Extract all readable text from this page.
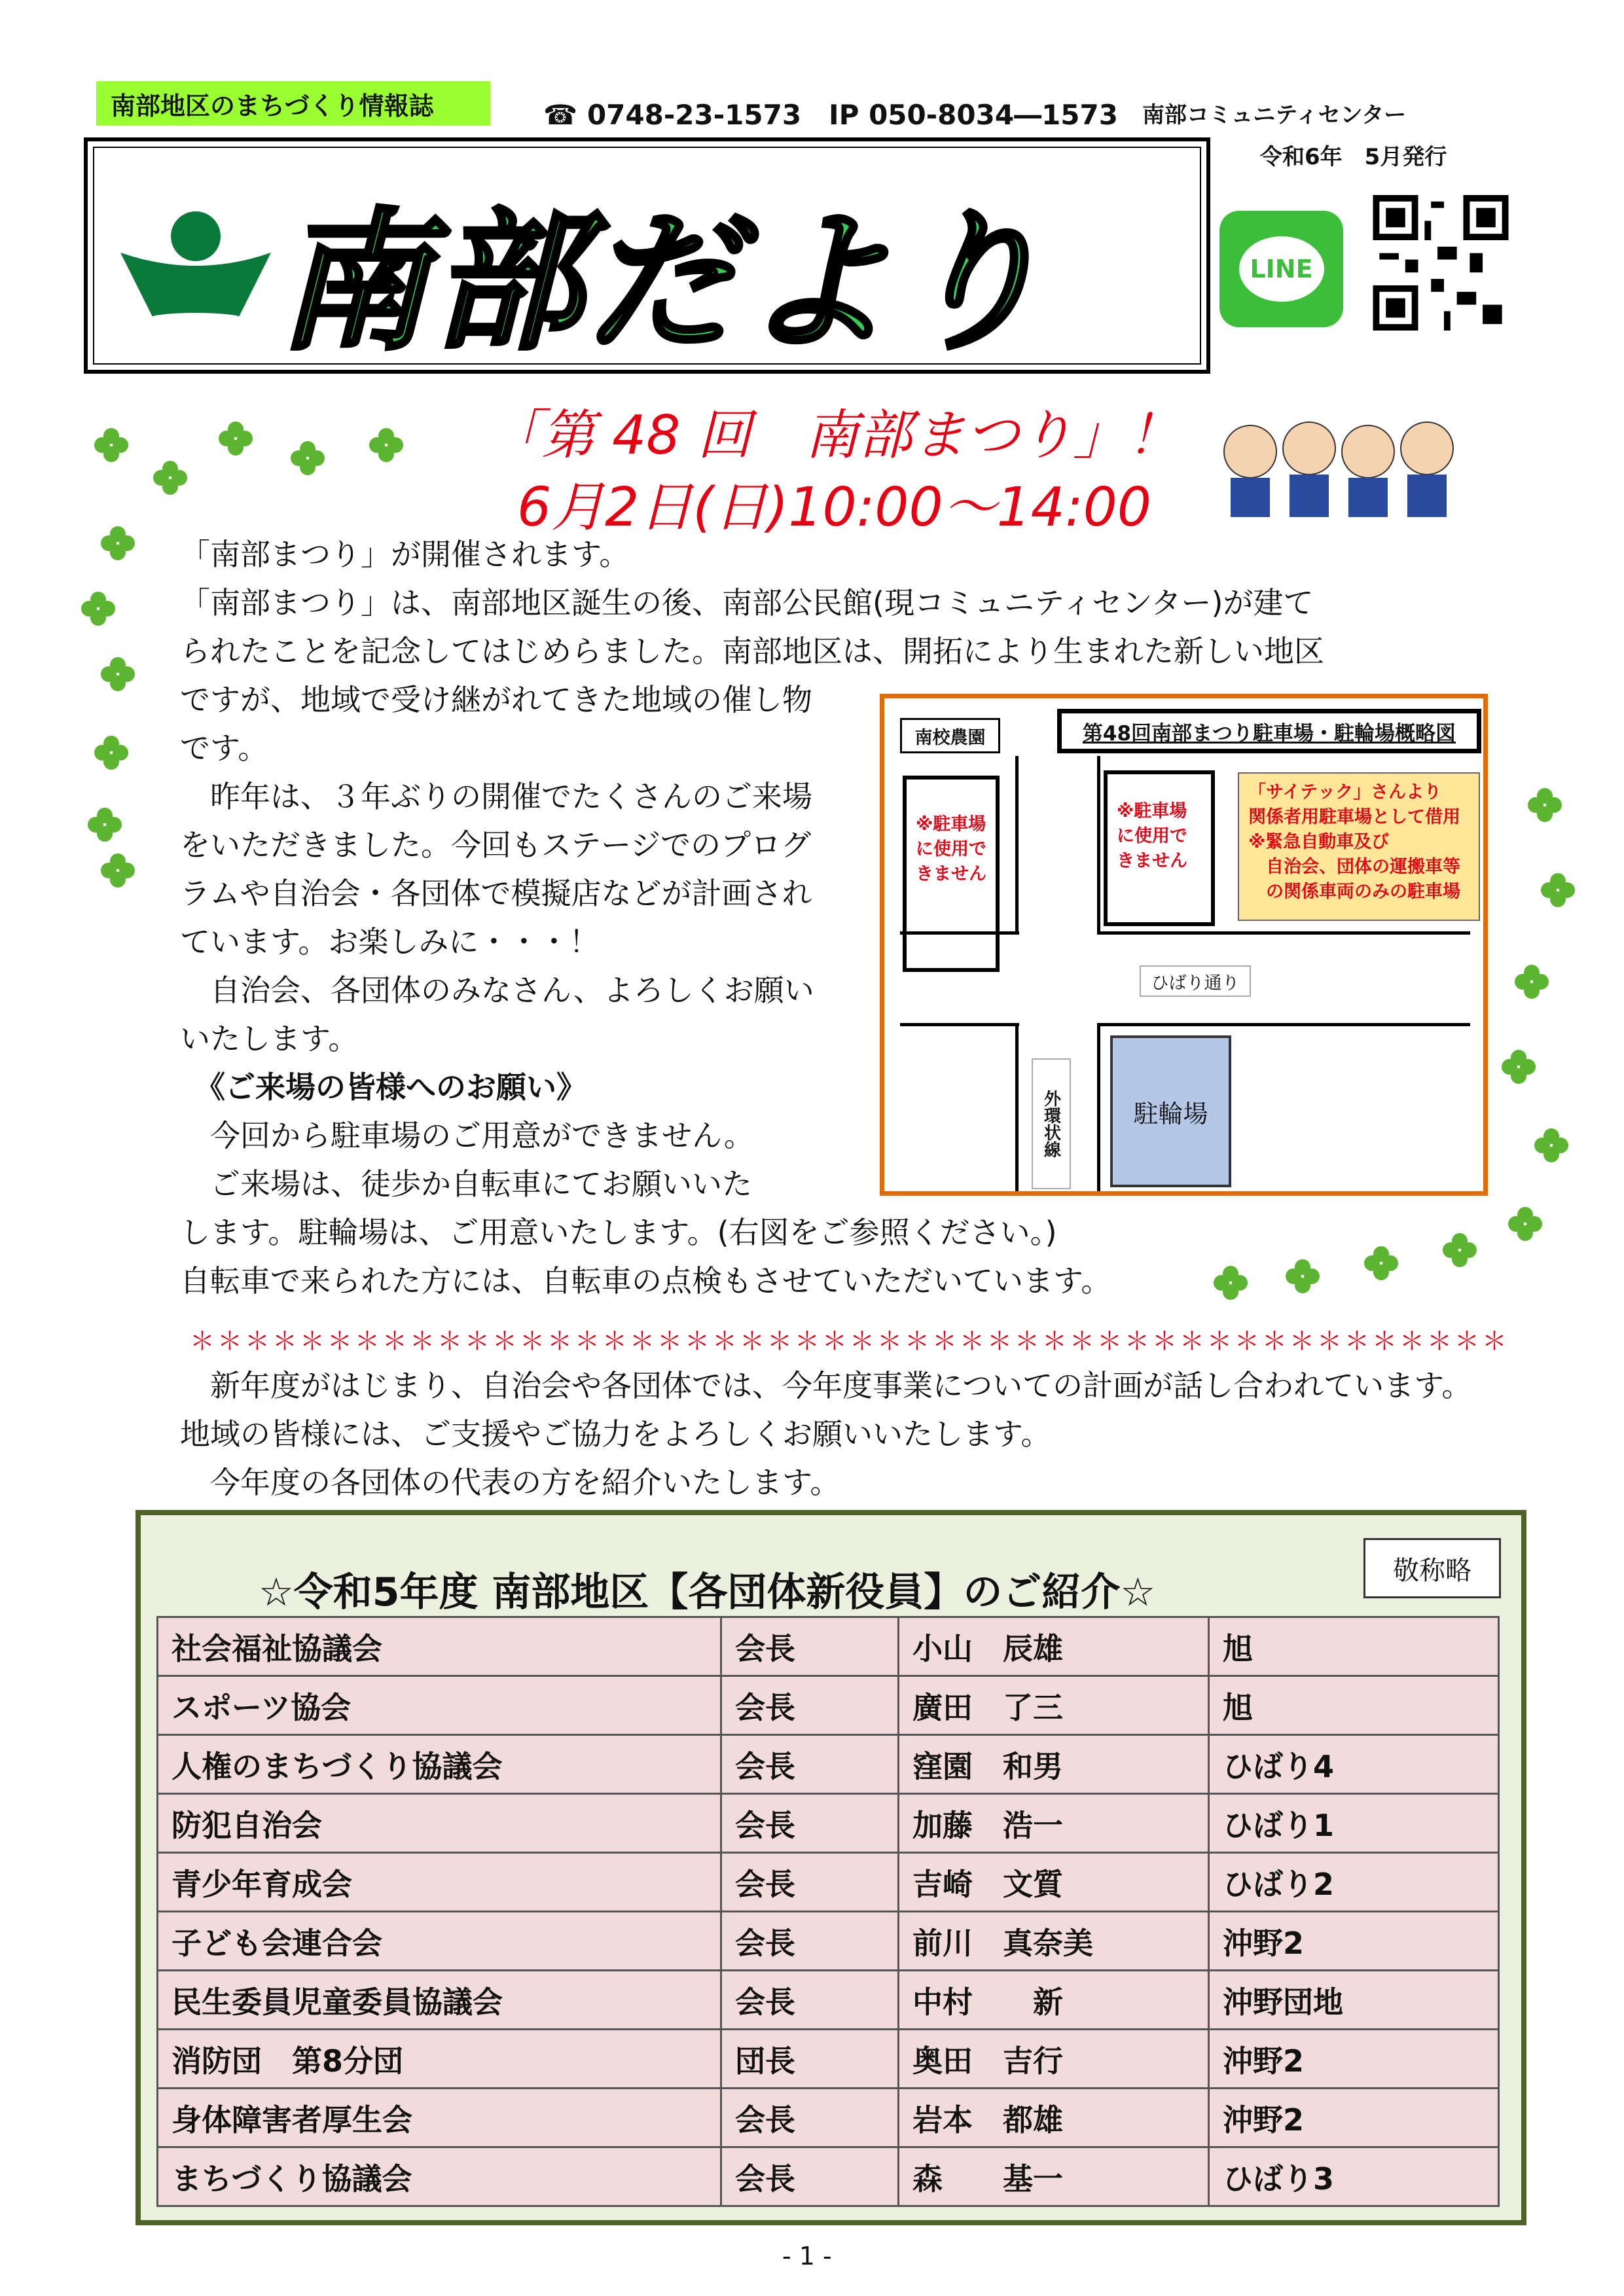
南部地区のまちづくり情報誌	☎ 0748-23-1573　IP 050-8034―1573 南部コミュニティセンター
令和6年　5月発行
南部だより	LINE
「第 48 回　南部まつり」！
6月2日(日)10:00～14:00
「南部まつり」が開催されます。
「南部まつり」は、南部地区誕生の後、南部公民館(現コミュニティセンター)が建て
られたことを記念してはじめらました。南部地区は、開拓により生まれた新しい地区
ですが、地域で受け継がれてきた地域の催し物
です。
　昨年は、３年ぶりの開催でたくさんのご来場
をいただきました。今回もステージでのプログ
ラムや自治会・各団体で模擬店などが計画され
ています。お楽しみに・・・！
　自治会、各団体のみなさん、よろしくお願い
いたします。
　《ご来場の皆様へのお願い》
　今回から駐車場のご用意ができません。
　ご来場は、徒歩か自転車にてお願いいた
します。駐輪場は、ご用意いたします。(右図をご参照ください。)
自転車で来られた方には、自転車の点検もさせていただいています。
南校農園	第48回南部まつり駐車場・駐輪場概略図
※駐車場
に使用で
きません
※駐車場
に使用で
きません
「サイテック」さんより
関係者用駐車場として借用
※緊急自動車及び
　自治会、団体の運搬車等
　の関係車両のみの駐車場
ひばり通り
外環状線	駐輪場
＊＊＊＊＊＊＊＊＊＊＊＊＊＊＊＊＊＊＊＊＊＊＊＊＊＊＊＊＊＊＊＊＊＊＊＊＊＊＊＊＊＊＊＊＊＊＊＊
　新年度がはじまり、自治会や各団体では、今年度事業についての計画が話し合われています。
地域の皆様には、ご支援やご協力をよろしくお願いいたします。
　今年度の各団体の代表の方を紹介いたします。
☆令和5年度 南部地区【各団体新役員】のご紹介☆	敬称略
社会福祉協議会	会長	小山　辰雄	旭
スポーツ協会	会長	廣田　了三	旭
人権のまちづくり協議会	会長	窪園　和男	ひばり4
防犯自治会	会長	加藤　浩一	ひばり1
青少年育成会	会長	吉崎　文質	ひばり2
子ども会連合会	会長	前川　真奈美	沖野2
民生委員児童委員協議会	会長	中村　　新	沖野団地
消防団　第8分団	団長	奥田　吉行	沖野2
身体障害者厚生会	会長	岩本　都雄	沖野2
まちづくり協議会	会長	森　　基一	ひばり3
- 1 -
